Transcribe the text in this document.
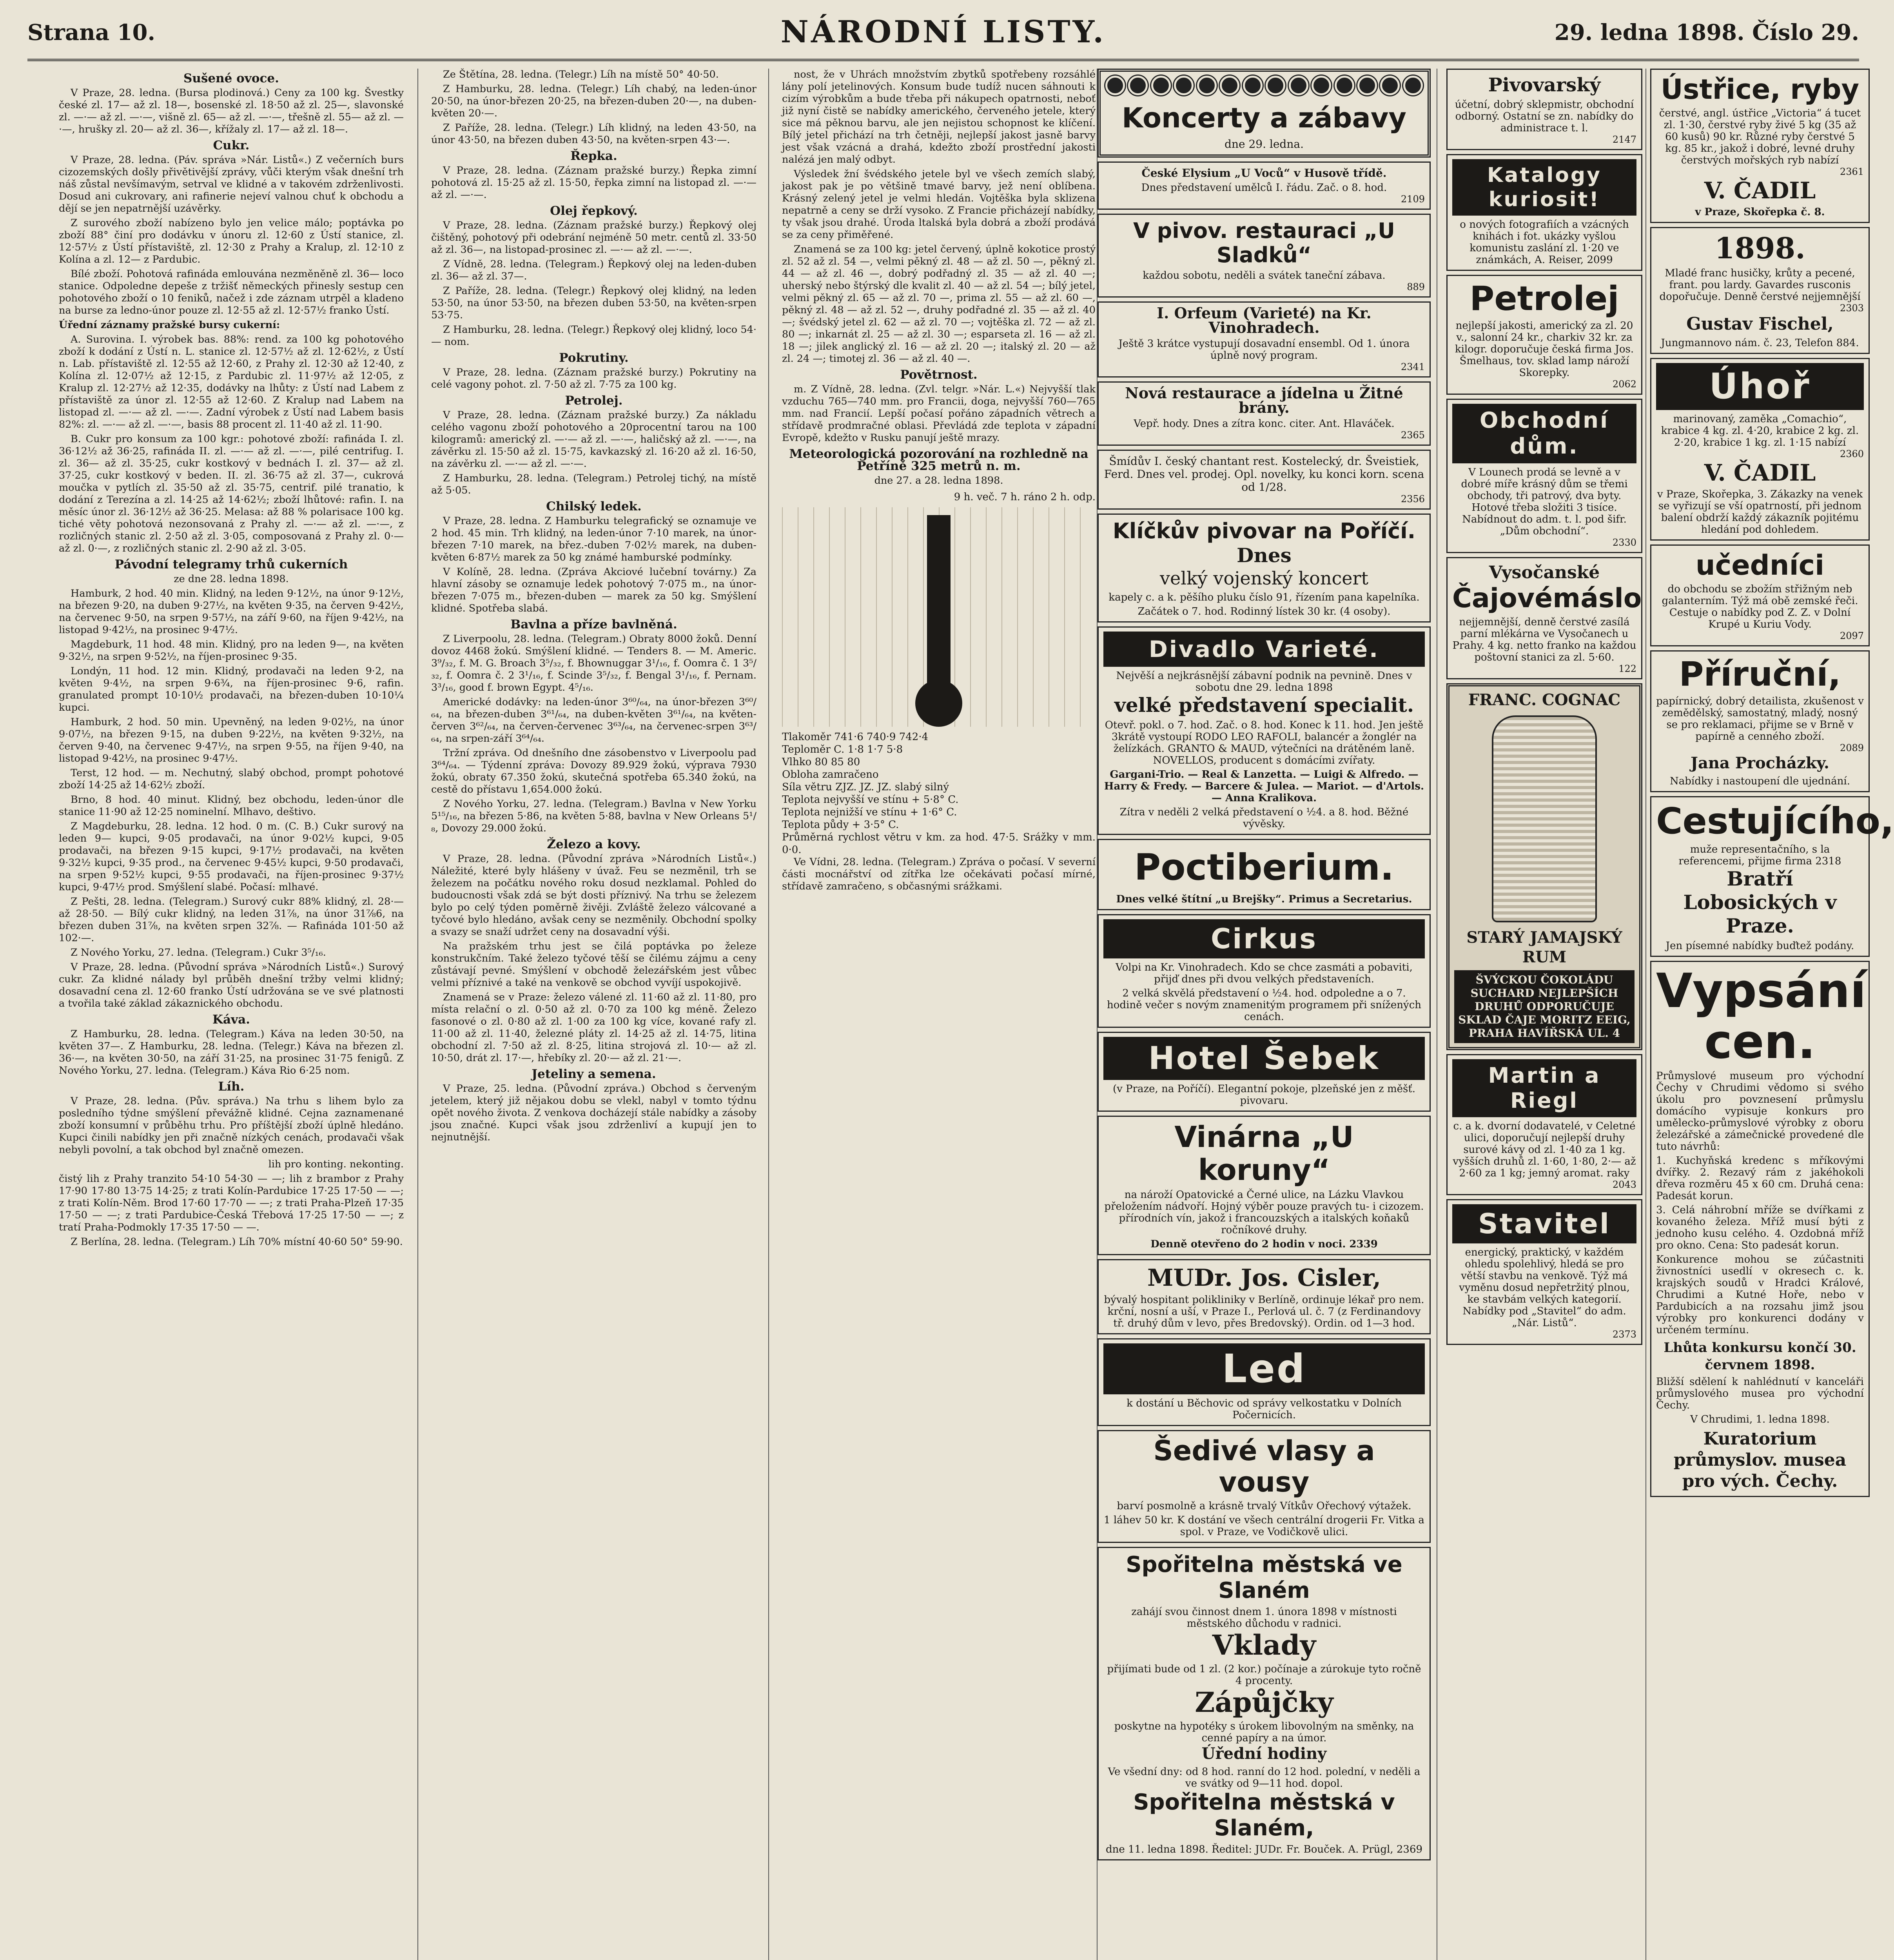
Strana 10.	NÁRODNÍ LISTY.	29. ledna 1898. Číslo 29.
Sušené ovoce.

V Praze, 28. ledna. (Bursa plodinová.) Ceny za 100 kg. Švestky české zl. 17— až zl. 18—, bosenské zl. 18·50 až zl. 25—, slavonské zl. —·— až zl. —·—, višně zl. 65— až zl. —·—, třešně zl. 55— až zl. —·—, hrušky zl. 20— až zl. 36—, křížaly zl. 17— až zl. 18—.

Cukr.

V Praze, 28. ledna. (Páv. správa »Nár. Listů«.) Z večerních burs cizozemských došly přivětivější zprávy, vůči kterým však dnešní trh náš zůstal nevšímavým, setrval ve klidné a v takovém zdrženlivosti. Dosud ani cukrovary, ani rafinerie nejeví valnou chuť k obchodu a dějí se jen nepatrnější uzávěrky.

Z surového zboží nabízeno bylo jen velice málo; poptávka po zboží 88° činí pro dodávku v únoru zl. 12·60 z Ústí stanice, zl. 12·57½ z Ústí přístaviště, zl. 12·30 z Prahy a Kralup, zl. 12·10 z Kolína a zl. 12— z Pardubic.

Bílé zboží. Pohotová rafináda emlouvána nezměněně zl. 36— loco stanice. Odpoledne depeše z tržišť německých přinesly sestup cen pohotového zboží o 10 feniků, načež i zde záznam utrpěl a kladeno na burse za ledno-únor pouze zl. 12·55 až zl. 12·57½ franko Ústí.

Úřední záznamy pražské bursy cukerní:

A. Surovina. I. výrobek bas. 88%: rend. za 100 kg pohotového zboží k dodání z Ústí n. L. stanice zl. 12·57½ až zl. 12·62½, z Ústí n. Lab. přístaviště zl. 12·55 až 12·60, z Prahy zl. 12·30 až 12·40, z Kolína zl. 12·07½ až 12·15, z Pardubic zl. 11·97½ až 12·05, z Kralup zl. 12·27½ až 12·35, dodávky na lhůty: z Ústí nad Labem z přístaviště za únor zl. 12·55 až 12·60. Z Kralup nad Labem na listopad zl. —·— až zl. —·—. Zadní výrobek z Ústí nad Labem basis 82%: zl. —·— až zl. —·—, basis 88 procent zl. 11·40 až zl. 11·90.

B. Cukr pro konsum za 100 kgr.: pohotové zboží: rafináda I. zl. 36·12½ až 36·25, rafináda II. zl. —·— až zl. —·—, pilé centrifug. I. zl. 36— až zl. 35·25, cukr kostkový v bednách I. zl. 37— až zl. 37·25, cukr kostkový v beden. II. zl. 36·75 až zl. 37—, cukrová moučka v pytlích zl. 35·50 až zl. 35·75, centrif. pilé tranatio, k dodání z Terezína a zl. 14·25 až 14·62½; zboží lhůtové: rafin. I. na měsíc únor zl. 36·12½ až 36·25. Melasa: až 88 % polarisace 100 kg. tiché věty pohotová nezonsovaná z Prahy zl. —·— až zl. —·—, z rozličných stanic zl. 2·50 až zl. 3·05, composovaná z Prahy zl. 0·— až zl. 0·—, z rozličných stanic zl. 2·90 až zl. 3·05.

Pávodní telegramy trhů cukerních

ze dne 28. ledna 1898.

Hamburk, 2 hod. 40 min. Klidný, na leden 9·12½, na únor 9·12½, na březen 9·20, na duben 9·27½, na květen 9·35, na červen 9·42½, na červenec 9·50, na srpen 9·57½, na září 9·60, na říjen 9·42½, na listopad 9·42½, na prosinec 9·47½.

Magdeburk, 11 hod. 48 min. Klidný, pro na leden 9—, na květen 9·32½, na srpen 9·52½, na říjen-prosinec 9·35.

Londýn, 11 hod. 12 min. Klidný, prodavači na leden 9·2, na květen 9·4½, na srpen 9·6¾, na říjen-prosinec 9·6, rafin. granulated prompt 10·10½ prodavači, na březen-duben 10·10¼ kupci.

Hamburk, 2 hod. 50 min. Upevněný, na leden 9·02½, na únor 9·07½, na březen 9·15, na duben 9·22½, na květen 9·32½, na červen 9·40, na červenec 9·47½, na srpen 9·55, na říjen 9·40, na listopad 9·42½, na prosinec 9·47½.

Terst, 12 hod. — m. Nechutný, slabý obchod, prompt pohotové zboží 14·25 až 14·62½ zboží.

Brno, 8 hod. 40 minut. Klidný, bez obchodu, leden-únor dle stanice 11·90 až 12·25 nominelní. Mlhavo, deštivo.

Z Magdeburku, 28. ledna. 12 hod. 0 m. (C. B.) Cukr surový na leden 9— kupci, 9·05 prodavači, na únor 9·02½ kupci, 9·05 prodavači, na březen 9·15 kupci, 9·17½ prodavači, na květen 9·32½ kupci, 9·35 prod., na červenec 9·45½ kupci, 9·50 prodavači, na srpen 9·52½ kupci, 9·55 prodavači, na říjen-prosinec 9·37½ kupci, 9·47½ prod. Smýšlení slabé. Počasí: mlhavé.

Z Pešti, 28. ledna. (Telegram.) Surový cukr 88% klidný, zl. 28·— až 28·50. — Bílý cukr klidný, na leden 31⅞, na únor 31⅞6, na březen duben 31⅞, na květen srpen 32⅞. — Rafináda 101·50 až 102·—.

Z Nového Yorku, 27. ledna. (Telegram.) Cukr 3⁵/₁₆.

V Praze, 28. ledna. (Původní správa »Národních Listů«.) Surový cukr. Za klidné nálady byl průběh dnešní tržby velmi klidný; dosavadní cena zl. 12·60 franko Ústí udržována se ve své platnosti a tvořila také základ zákaznického obchodu.

Káva.

Z Hamburku, 28. ledna. (Telegram.) Káva na leden 30·50, na květen 37—. Z Hamburku, 28. ledna. (Telegr.) Káva na březen zl. 36·—, na květen 30·50, na září 31·25, na prosinec 31·75 fenigů. Z Nového Yorku, 27. ledna. (Telegram.) Káva Rio 6·25 nom.

Líh.

V Praze, 28. ledna. (Pův. správa.) Na trhu s lihem bylo za posledního týdne smýšlení převážně klidné. Cejna zaznamenané zboží konsumní v průběhu trhu. Pro příštější zboží úplně hledáno. Kupci činili nabídky jen při značně nízkých cenách, prodavači však nebyli povolní, a tak obchod byl značně omezen.

lih pro konting. nekonting.

čistý lih z Prahy tranzito 54·10 54·30 — —; lih z brambor z Prahy 17·90 17·80 13·75 14·25; z trati Kolín-Pardubice 17·25 17·50 — —; z trati Kolín-Něm. Brod 17·60 17·70 — —; z trati Praha-Plzeň 17·35 17·50 — —; z trati Pardubice-Česká Třebová 17·25 17·50 — —; z tratí Praha-Podmokly 17·35 17·50 — —.

Z Berlína, 28. ledna. (Telegram.) Líh 70% místní 40·60 50° 59·90.

Ze Štětína, 28. ledna. (Telegr.) Líh na místě 50° 40·50.

Z Hamburku, 28. ledna. (Telegr.) Líh chabý, na leden-únor 20·50, na únor-březen 20·25, na březen-duben 20·—, na duben-květen 20·—.

Z Paříže, 28. ledna. (Telegr.) Líh klidný, na leden 43·50, na únor 43·50, na březen duben 43·50, na květen-srpen 43·—.

Řepka.

V Praze, 28. ledna. (Záznam pražské burzy.) Řepka zimní pohotová zl. 15·25 až zl. 15·50, řepka zimní na listopad zl. —·— až zl. —·—.

Olej řepkový.

V Praze, 28. ledna. (Záznam pražské burzy.) Řepkový olej čištěný, pohotový při odebrání nejméně 50 metr. centů zl. 33·50 až zl. 36—, na listopad-prosinec zl. —·— až zl. —·—.

Z Vídně, 28. ledna. (Telegram.) Řepkový olej na leden-duben zl. 36— až zl. 37—.

Z Paříže, 28. ledna. (Telegr.) Řepkový olej klidný, na leden 53·50, na únor 53·50, na březen duben 53·50, na květen-srpen 53·75.

Z Hamburku, 28. ledna. (Telegr.) Řepkový olej klidný, loco 54·— nom.

Pokrutiny.

V Praze, 28. ledna. (Záznam pražské burzy.) Pokrutiny na celé vagony pohot. zl. 7·50 až zl. 7·75 za 100 kg.

Petrolej.

V Praze, 28. ledna. (Záznam pražské burzy.) Za nákladu celého vagonu zboží pohotového a 20procentní tarou na 100 kilogramů: americký zl. —·— až zl. —·—, haličský až zl. —·—, na závěrku zl. 15·50 až zl. 15·75, kavkazský zl. 16·20 až zl. 16·50, na závěrku zl. —·— až zl. —·—.

Z Hamburku, 28. ledna. (Telegram.) Petrolej tichý, na místě až 5·05.

Chilský ledek.

V Praze, 28. ledna. Z Hamburku telegrafický se oznamuje ve 2 hod. 45 min. Trh klidný, na leden-únor 7·10 marek, na únor-březen 7·10 marek, na břez.-duben 7·02½ marek, na duben-květen 6·87½ marek za 50 kg známé hamburské podmínky.

V Kolíně, 28. ledna. (Zpráva Akciové lučební továrny.) Za hlavní zásoby se oznamuje ledek pohotový 7·075 m., na únor-březen 7·075 m., březen-duben — marek za 50 kg. Smýšlení klidné. Spotřeba slabá.

Bavlna a příze bavlněná.

Z Liverpoolu, 28. ledna. (Telegram.) Obraty 8000 žoků. Denní dovoz 4468 žokú. Smýšlení klidné. — Tenders 8. — M. Americ. 3⁹/₃₂, f. M. G. Broach 3⁵/₃₂, f. Bhownuggar 3¹/₁₆, f. Oomra č. 1 3⁵/₃₂, f. Oomra č. 2 3¹/₁₆, f. Scinde 3⁵/₃₂, f. Bengal 3¹/₁₆, f. Pernam. 3³/₁₆, good f. brown Egypt. 4⁵/₁₆.

Americké dodávky: na leden-únor 3⁶⁰/₆₄, na únor-březen 3⁶⁰/₆₄, na březen-duben 3⁶¹/₆₄, na duben-květen 3⁶¹/₆₄, na květen-červen 3⁶²/₆₄, na červen-červenec 3⁶³/₆₄, na červenec-srpen 3⁶³/₆₄, na srpen-září 3⁶⁴/₆₄.

Tržní zpráva. Od dnešního dne zásobenstvo v Liverpoolu pad 3⁶⁴/₆₄. — Týdenní zpráva: Dovozy 89.929 žokú, výprava 7930 žokú, obraty 67.350 žokú, skutečná spotřeba 65.340 žokú, na cestě do přístavu 1,654.000 žokú.

Z Nového Yorku, 27. ledna. (Telegram.) Bavlna v New Yorku 5¹⁵/₁₆, na březen 5·86, na květen 5·88, bavlna v New Orleans 5¹/₈, Dovozy 29.000 žokú.

Železo a kovy.

V Praze, 28. ledna. (Původní zpráva »Národních Listů«.) Náležité, které byly hlášeny v úvaž. Feu se nezměnil, trh se železem na počátku nového roku dosud nezklamal. Pohled do budoucnosti však zdá se být dosti příznivý. Na trhu se železem bylo po celý týden poměrně živěji. Zvláště železo válcované a tyčové bylo hledáno, avšak ceny se nezměnily. Obchodní spolky a svazy se snaží udržet ceny na dosavadní výši.

Na pražském trhu jest se čilá poptávka po železe konstrukčním. Také železo tyčové těší se čilému zájmu a ceny zůstávají pevné. Smýšlení v obchodě železářském jest vůbec velmi příznivé a také na venkově se obchod vyvíjí uspokojivě.

Znamená se v Praze: železo válené zl. 11·60 až zl. 11·80, pro místa relační o zl. 0·50 až zl. 0·70 za 100 kg méně. Železo fasonové o zl. 0·80 až zl. 1·00 za 100 kg více, kované rafy zl. 11·00 až zl. 11·40, železné pláty zl. 14·25 až zl. 14·75, litina obchodní zl. 7·50 až zl. 8·25, litina strojová zl. 10·— až zl. 10·50, drát zl. 17·—, hřebíky zl. 20·— až zl. 21·—.

Jeteliny a semena.

V Praze, 25. ledna. (Původní zpráva.) Obchod s červeným jetelem, který již nějakou dobu se vlekl, nabyl v tomto týdnu opět nového života. Z venkova docházejí stále nabídky a zásoby jsou značné. Kupci však jsou zdrženliví a kupují jen to nejnutnější.

nost, že v Uhrách množstvím zbytků spotřebeny rozsáhlé lány polí jetelinových. Konsum bude tudíž nucen sáhnouti k cizím výrobkům a bude třeba při nákupech opatrnosti, neboť již nyní čistě se nabídky amerického, červeného jetele, který sice má pěknou barvu, ale jen nejistou schopnost ke klíčení. Bílý jetel přichází na trh četněji, nejlepší jakost jasně barvy jest však vzácná a drahá, kdežto zboží prostřední jakosti nalézá jen malý odbyt.

Výsledek žní švédského jetele byl ve všech zemích slabý, jakost pak je po většině tmavé barvy, jež není oblíbena. Krásný zelený jetel je velmi hledán. Vojtěška byla sklizena nepatrně a ceny se drží vysoko. Z Francie přicházejí nabídky, ty však jsou drahé. Úroda ltalská byla dobrá a zboží prodává se za ceny přiměřené.

Znamená se za 100 kg: jetel červený, úplně kokotice prostý zl. 52 až zl. 54 —, velmi pěkný zl. 48 — až zl. 50 —, pěkný zl. 44 — až zl. 46 —, dobrý podřadný zl. 35 — až zl. 40 —; uherský nebo štýrský dle kvalit zl. 40 — až zl. 54 —; bílý jetel, velmi pěkný zl. 65 — až zl. 70 —, prima zl. 55 — až zl. 60 —, pěkný zl. 48 — až zl. 52 —, druhy podřadné zl. 35 — až zl. 40 —; švédský jetel zl. 62 — až zl. 70 —; vojtěška zl. 72 — až zl. 80 —; inkarnát zl. 25 — až zl. 30 —; esparseta zl. 16 — až zl. 18 —; jilek anglický zl. 16 — až zl. 20 —; italský zl. 20 — až zl. 24 —; timotej zl. 36 — až zl. 40 —.

Povětrnost.

m. Z Vídně, 28. ledna. (Zvl. telgr. »Nár. L.«) Nejvyšší tlak vzduchu 765—740 mm. pro Francii, doga, nejvyšší 760—765 mm. nad Francií. Lepší počasí pořáno západních větrech a střídavě prodmračné oblasi. Převládá zde teplota v západní Evropě, kdežto v Rusku panují ještě mrazy.

Meteorologická pozorování na rozhledně na Petříně 325 metrů n. m.

dne 27. a 28. ledna 1898.

9 h. več. 7 h. ráno 2 h. odp.
Tlakoměr 741·6 740·9 742·4
Teploměr C. 1·8 1·7 5·8
Vlhko 80 85 80
Obloha zamračeno
Síla větru ZJZ. JZ. JZ. slabý silný
Teplota nejvyšší ve stínu + 5·8° C.
Teplota nejnižší ve stínu + 1·6° C.
Teplota půdy + 3·5° C.
Průměrná rychlost větru v km. za hod. 47·5. Srážky v mm. 0·0.

Ve Vídni, 28. ledna. (Telegram.) Zpráva o počasí. V severní části mocnářství od zítřka lze očekávati počasí mírné, střídavě zamračeno, s občasnými srážkami.

Koncerty a zábavy
dne 29. ledna.
České Elysium „U Voců“ v Husově třídě.
Dnes představení umělců I. řádu. Zač. o 8. hod.
2109
V pivov. restauraci „U Sladků“
každou sobotu, neděli a svátek taneční zábava.
889
I. Orfeum (Varieté) na Kr. Vinohradech.
Ještě 3 krátce vystupují dosavadní ensembl. Od 1. února úplně nový program.
2341
Nová restaurace a jídelna u Žitné brány.
Vepř. hody. Dnes a zítra konc. citer. Ant. Hlaváček.
2365
Šmídův I. český chantant rest. Kostelecký, dr. Šveistiek, Ferd. Dnes vel. prodej. Opl. novelky, ku konci korn. scena od 1/28.
2356
Klíčkův pivovar na Poříčí.
Dnes
velký vojenský koncert
kapely c. a k. pěšího pluku číslo 91, řízením pana kapelníka.
Začátek o 7. hod. Rodinný lístek 30 kr. (4 osoby).
Divadlo Varieté.
Nejvěší a nejkrásnější zábavní podnik na pevnině. Dnes v sobotu dne 29. ledna 1898
velké představení specialit.
Otevř. pokl. o 7. hod. Zač. o 8. hod. Konec k 11. hod. Jen ještě 3krátě vystoupí RODO LEO RAFOLI, balancér a žonglér na želízkách. GRANTO & MAUD, výtečníci na drátěném laně. NOVELLOS, producent s domácími zvířaty.
Gargani-Trio. — Real & Lanzetta. — Luigi & Alfredo. — Harry & Fredy. — Barcere & Julea. — Mariot. — d'Artols. — Anna Kralikova.
Zítra v neděli 2 velká představení o ½4. a 8. hod. Běžné vývěsky.
Poctiberium.
Dnes velké štítní „u Brejšky“. Primus a Secretarius.
Cirkus
Volpi na Kr. Vinohradech. Kdo se chce zasmáti a pobaviti, přijď dnes při dvou velkých představeních.
2 velká skvělá představení o ½4. hod. odpoledne a o 7. hodině večer s novým znamenitým programem při snížených cenách.
Hotel Šebek
(v Praze, na Poříčí). Elegantní pokoje, plzeňské jen z měšť. pivovaru.
Vinárna „U koruny“
na nároží Opatovické a Černé ulice, na Lázku Vlavkou přeložením nádvoří. Hojný výběr pouze pravých tu- i cizozem. přírodních vín, jakož i francouzských a italských koňaků ročníkové druhy.
Denně otevřeno do 2 hodin v noci. 2339
MUDr. Jos. Cisler,
bývalý hospitant polikliniky v Berlíně, ordinuje lékař pro nem. krční, nosní a uší, v Praze I., Perlová ul. č. 7 (z Ferdinandovy tř. druhý dům v levo, přes Bredovský). Ordin. od 1—3 hod.
Led
k dostání u Běchovic od správy velkostatku v Dolních Počernicích.
Šedivé vlasy a vousy
barví posmolně a krásně trvalý Vítkův Ořechový výtažek.
1 láhev 50 kr. K dostání ve všech centrální drogerii Fr. Vitka a spol. v Praze, ve Vodičkově ulici.
Spořitelna městská ve Slaném
zahájí svou činnost dnem 1. února 1898 v místnosti městského důchodu v radnici.
Vklady
přijímati bude od 1 zl. (2 kor.) počínaje a zúrokuje tyto ročně 4 procenty.
Zápůjčky
poskytne na hypotéky s úrokem libovolným na směnky, na cenné papíry a na úmor.
Úřední hodiny
Ve všední dny: od 8 hod. ranní do 12 hod. polední, v neděli a ve svátky od 9—11 hod. dopol.
Spořitelna městská v Slaném,
dne 11. ledna 1898. Ředitel: JUDr. Fr. Bouček. A. Prügl, 2369
Pivovarský
účetní, dobrý sklepmistr, obchodní odborný. Ostatní se zn. nabídky do administrace t. l.
2147
Katalogy kuriosit!
o nových fotografiích a vzácných knihách i fot. ukázky vyšlou komunistu zaslání zl. 1·20 ve známkách, A. Reiser, 2099
Petrolej
nejlepší jakosti, americký za zl. 20 v., salonní 24 kr., charkiv 32 kr. za kilogr. doporučuje česká firma Jos. Šmelhaus, tov. sklad lamp nároží Skorepky.
2062
Obchodní dům.
V Lounech prodá se levně a v dobré míře krásný dům se třemi obchody, tři patrový, dva byty. Hotové třeba složiti 3 tisíce. Nabídnout do adm. t. l. pod šifr. „Dům obchodní“.
2330
Vysočanské
Čajovémáslo
nejjemnější, denně čerstvé zasílá parní mlékárna ve Vysočanech u Prahy. 4 kg. netto franko na každou poštovní stanici za zl. 5·60.
122
FRANC. COGNAC
STARÝ JAMAJSKÝ RUM
ŠVÝCKOU ČOKOLÁDU SUCHARD NEJLEPŠÍCH DRUHŮ ODPORUČUJE SKLAD ČAJE MORITZ EEIG, PRAHA HAVÍŘSKÁ UL. 4
Martin a Riegl
c. a k. dvorní dodavatelé, v Celetné ulici, doporučují nejlepší druhy surové kávy od zl. 1·40 za 1 kg. vyšších druhů zl. 1·60, 1·80, 2·— až 2·60 za 1 kg; jemný aromat. raky
2043
Stavitel
energický, praktický, v každém ohledu spolehlivý, hledá se pro větší stavbu na venkově. Týž má vyměnu dosud nepřetržitý plnou, ke stavbám velkých kategorií. Nabídky pod „Stavitel“ do adm. „Nár. Listů“.
2373
Ústřice, ryby
čerstvé, angl. ústřice „Victoria“ á tucet zl. 1·30, čerstvé ryby živé 5 kg (35 až 60 kusů) 90 kr. Různé ryby čerstvé 5 kg. 85 kr., jakož i dobré, levné druhy čerstvých mořských ryb nabízí
2361
V. ČADIL
v Praze, Skořepka č. 8.
1898.
Mladé franc husičky, krůty a pecené, frant. pou lardy. Gavardes rusconis dopořučuje. Denně čerstvé nejjemnější
2303
Gustav Fischel,
Jungmannovo nám. č. 23, Telefon 884.
Úhoř
marinovaný, zaměka „Comachio“, krabice 4 kg. zl. 4·20, krabice 2 kg. zl. 2·20, krabice 1 kg. zl. 1·15 nabízí
2360
V. ČADIL
v Praze, Skořepka, 3. Zákazky na venek se vyřizují se vší opatrností, při jednom balení obdrží každý zákazník pojitému hledání pod dohledem.
učedníci
do obchodu se zbožím střižným neb galanterním. Týž má obě zemské řeči. Cestuje o nabídky pod Z. Z. v Dolní Krupé u Kuriu Vody.
2097
Příruční,
papírnický, dobrý detailista, zkušenost v zemědělský, samostatný, mladý, nosný se pro reklamaci, přijme se v Brně v papírně a cenného zboží.
2089
Jana Procházky.
Nabídky i nastoupení dle ujednání.
Cestujícího,
muže representačního, s la referencemi, přijme firma 2318
Bratří Lobosických v Praze.
Jen písemné nabídky buďtež podány.
Vypsání cen.
Průmyslové museum pro východní Čechy v Chrudimi vědomo si svého úkolu pro povznesení průmyslu domácího vypisuje konkurs pro umělecko-průmyslové výrobky z oboru železářské a zámečnické provedené dle tuto návrhů:
1. Kuchyňská kredenc s mříkovými dvířky. 2. Rezavý rám z jakéhokoli dřeva rozměru 45 x 60 cm. Druhá cena: Padesát korun.
3. Celá náhrobní mříže se dvířkami z kovaného železa. Mříž musí býti z jednoho kusu celého. 4. Ozdobná mříž pro okno. Cena: Sto padesát korun.
Konkurence mohou se zúčastniti živnostníci usedlí v okresech c. k. krajských soudů v Hradci Králové, Chrudimi a Kutné Hoře, nebo v Pardubicích a na rozsahu jimž jsou výrobky pro konkurenci dodány v určeném termínu.
Lhůta konkursu končí 30. červnem 1898.
Bližší sdělení k nahlédnutí v kanceláři průmyslového musea pro východní Čechy.
V Chrudimi, 1. ledna 1898.
Kuratorium průmyslov. musea pro vých. Čechy.
